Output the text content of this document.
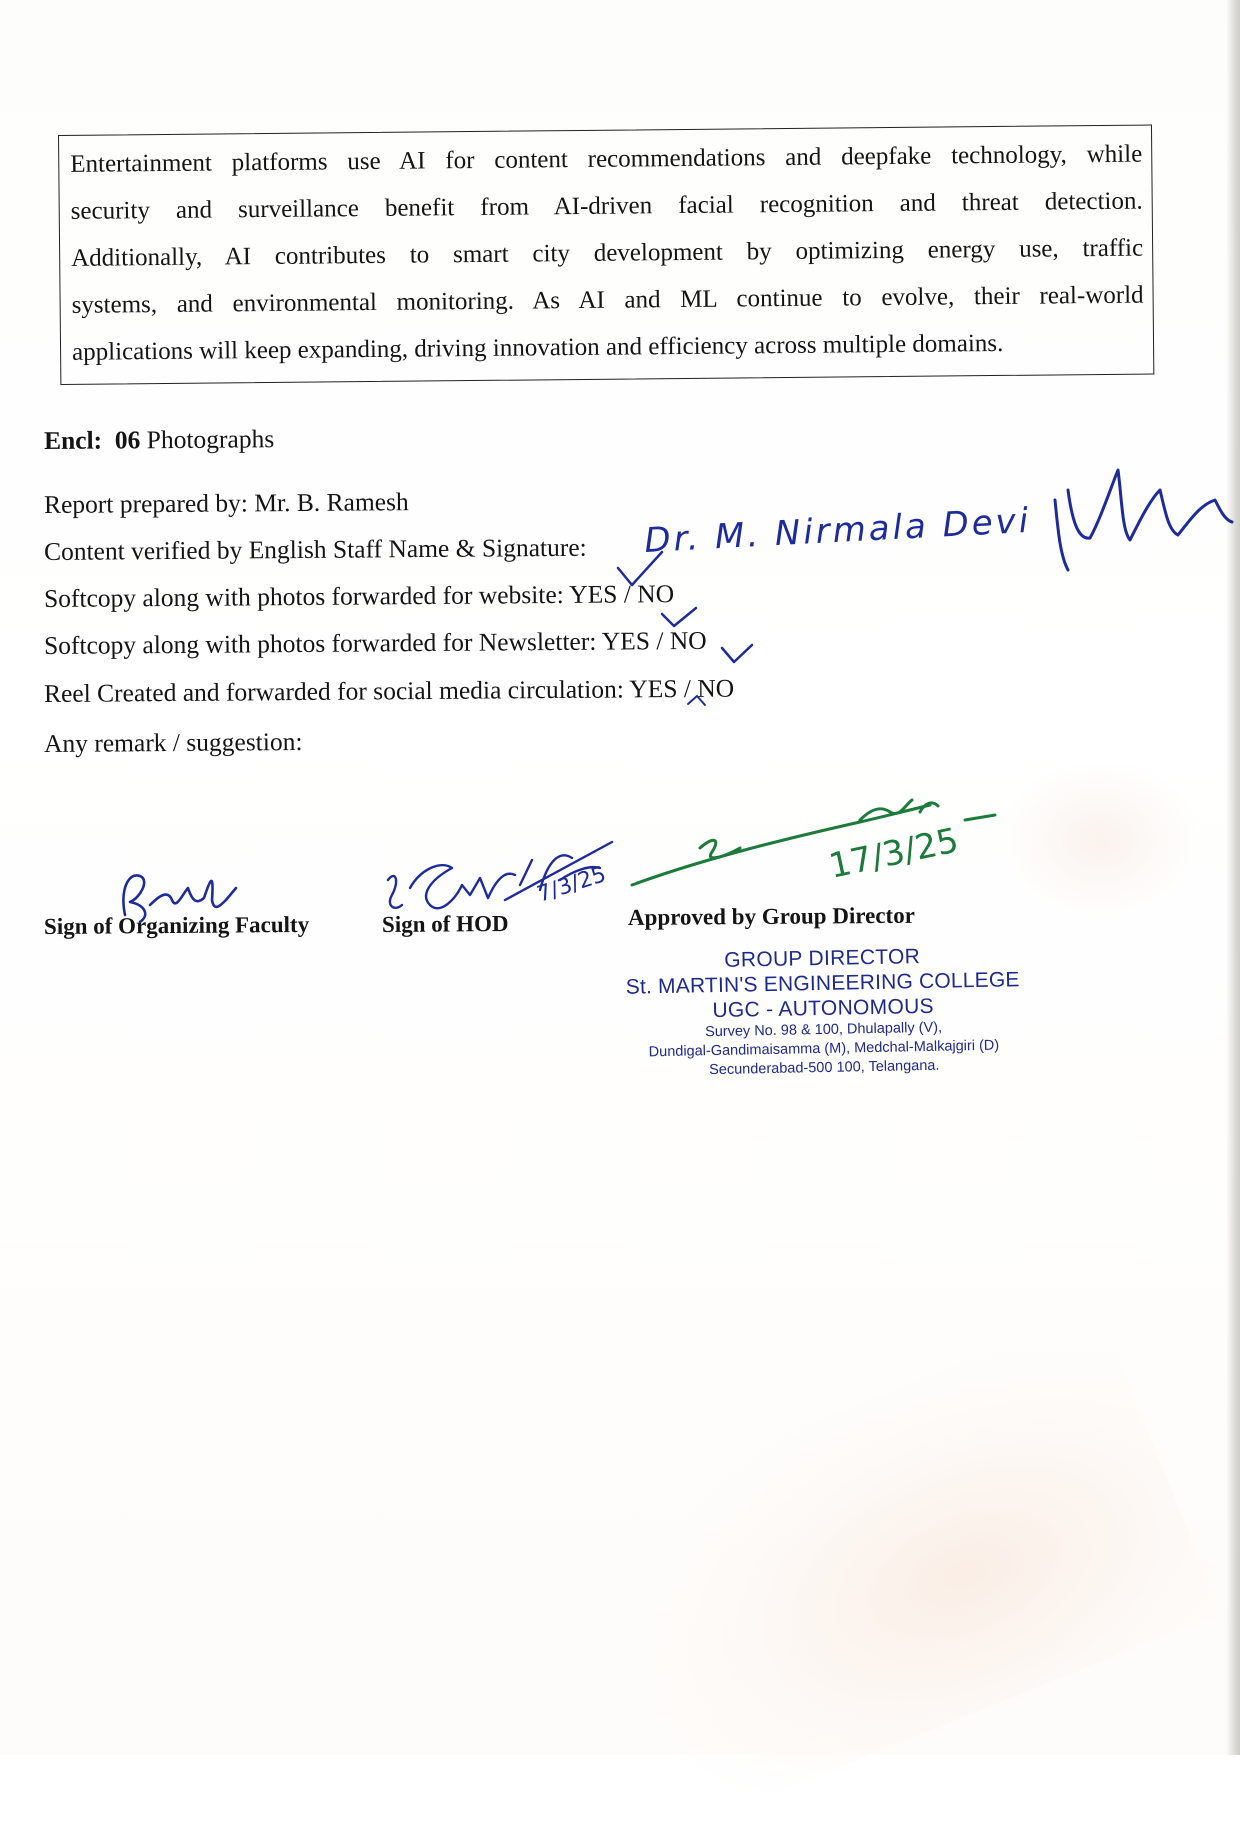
Entertainment platforms use AI for content recommendations and deepfake technology, while
security and surveillance benefit from AI-driven facial recognition and threat detection.
Additionally, AI contributes to smart city development by optimizing energy use, traffic
systems, and environmental monitoring. As AI and ML continue to evolve, their real-world
applications will keep expanding, driving innovation and efficiency across multiple domains.
Encl: 06 Photographs
Report prepared by: Mr. B. Ramesh
Content verified by English Staff Name & Signature:
Softcopy along with photos forwarded for website: YES / NO
Softcopy along with photos forwarded for Newsletter: YES / NO
Reel Created and forwarded for social media circulation: YES / NO
Any remark / suggestion:
Sign of Organizing Faculty	Sign of HOD	Approved by Group Director
GROUP DIRECTOR
St. MARTIN'S ENGINEERING COLLEGE
UGC - AUTONOMOUS
Survey No. 98 & 100, Dhulapally (V),
Dundigal-Gandimaisamma (M), Medchal-Malkajgiri (D)
Secunderabad-500 100, Telangana.
Dr. M. Nirmala Devi
7/3/25	17/3/25
